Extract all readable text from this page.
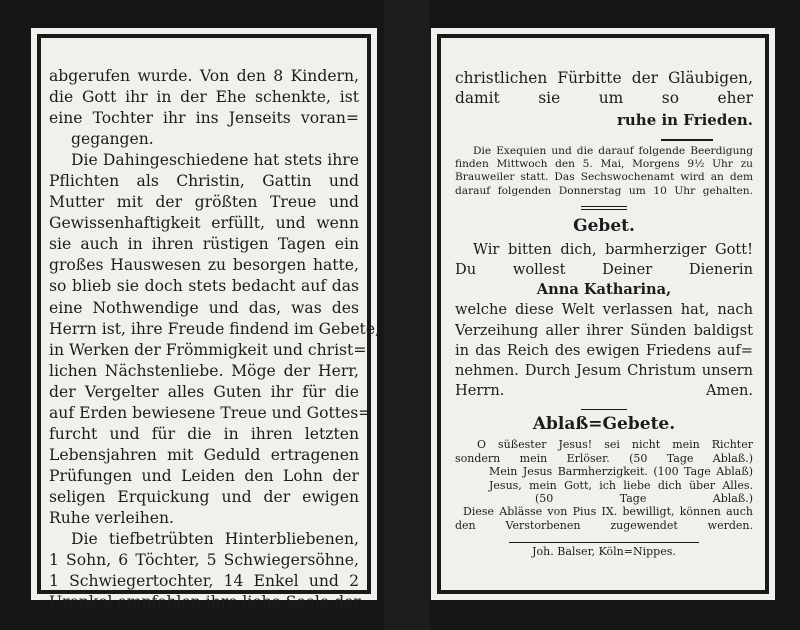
abgerufen wurde. Von den 8 Kindern,
die Gott ihr in der Ehe schenkte, ist
eine Tochter ihr ins Jenseits voran=
gegangen.
Die Dahingeschiedene hat stets ihre
Pflichten als Christin, Gattin und
Mutter mit der größten Treue und
Gewissenhaftigkeit erfüllt, und wenn
sie auch in ihren rüstigen Tagen ein
großes Hauswesen zu besorgen hatte,
so blieb sie doch stets bedacht auf das
eine Nothwendige und das, was des
Herrn ist, ihre Freude findend im Gebete,
in Werken der Frömmigkeit und christ=
lichen Nächstenliebe. Möge der Herr,
der Vergelter alles Guten ihr für die
auf Erden bewiesene Treue und Gottes=
furcht und für die in ihren letzten
Lebensjahren mit Geduld ertragenen
Prüfungen und Leiden den Lohn der
seligen Erquickung und der ewigen
Ruhe verleihen.
Die tiefbetrübten Hinterbliebenen,
1 Sohn, 6 Töchter, 5 Schwiegersöhne,
1 Schwiegertochter, 14 Enkel und 2
Urenkel empfehlen ihre liebe Seele der
christlichen Fürbitte der Gläubigen,
damit sie um so eher
ruhe in Frieden.
Die Exequien und die darauf folgende Beerdigung
finden Mittwoch den 5. Mai, Morgens 9½ Uhr zu
Brauweiler statt. Das Sechswochenamt wird an dem
darauf folgenden Donnerstag um 10 Uhr gehalten.
Gebet.
Wir bitten dich, barmherziger Gott!
Du wollest Deiner Dienerin
Anna Katharina,
welche diese Welt verlassen hat, nach
Verzeihung aller ihrer Sünden baldigst
in das Reich des ewigen Friedens auf=
nehmen. Durch Jesum Christum unsern
Herrn. Amen.
Ablaß=Gebete.
O süßester Jesus! sei nicht mein Richter
sondern mein Erlöser. (50 Tage Ablaß.)
Mein Jesus Barmherzigkeit. (100 Tage Ablaß)
Jesus, mein Gott, ich liebe dich über Alles.
(50 Tage Ablaß.)
Diese Ablässe von Pius IX. bewilligt, können auch
den Verstorbenen zugewendet werden.
Joh. Balser, Köln=Nippes.
